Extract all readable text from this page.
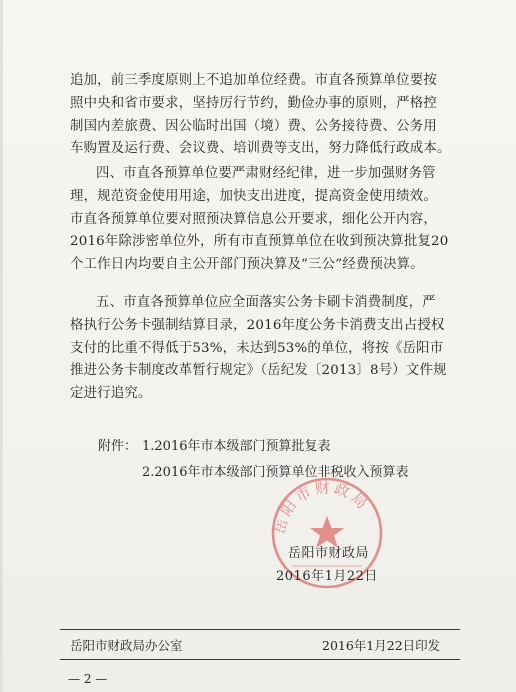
追加，前三季度原则上不追加单位经费。市直各预算单位要按
照中央和省市要求，坚持厉行节约，勤俭办事的原则，严格控
制国内差旅费、因公临时出国（境）费、公务接待费、公务用
车购置及运行费、会议费、培训费等支出，努力降低行政成本。
四、市直各预算单位要严肃财经纪律，进一步加强财务管
理，规范资金使用用途，加快支出进度，提高资金使用绩效。
市直各预算单位要对照预决算信息公开要求，细化公开内容，
2016年除涉密单位外，所有市直预算单位在收到预决算批复20
个工作日内均要自主公开部门预决算及“三公”经费预决算。
五、市直各预算单位应全面落实公务卡刷卡消费制度，严
格执行公务卡强制结算目录，2016年度公务卡消费支出占授权
支付的比重不得低于53%，未达到53%的单位，将按《岳阳市
推进公务卡制度改革暂行规定》（岳纪发〔2013〕8号）文件规
定进行追究。
附件： 1.2016年市本级部门预算批复表
2.2016年市本级部门预算单位非税收入预算表
岳阳市财政局
岳阳市财政局
2016年1月22日
岳阳市财政局办公室	2016年1月22日印发
— 2 —
